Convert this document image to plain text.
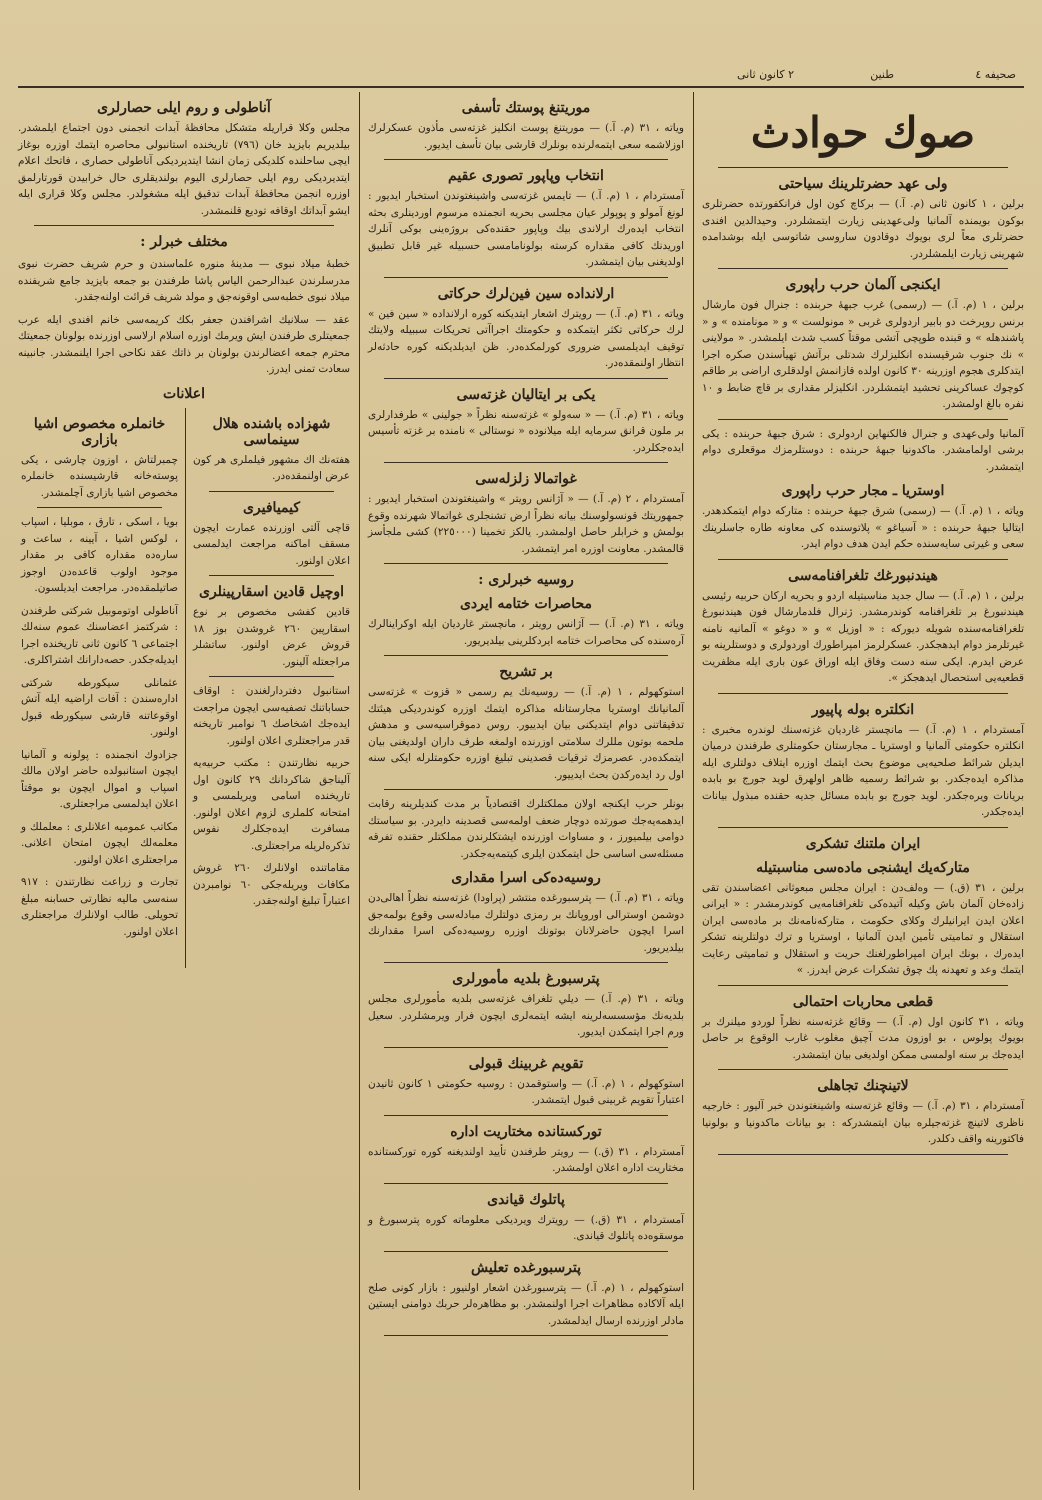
صحيفه ٤
طنين
٢ كانون ثانى
صوك حوادث
ولى عهد حضرتلرينك سياحتى
برلين ، ١ كانون ثانى (م. آ.) — بركاچ كون اول فرانكفورتده حضرتلرى بوكون بو‌يمنده آلمانيا ولى‌عهدينى زيارت ايتمشلردر. وحيد‌الدين افندى حضرتلرى معاً لرى بويوك دوقادون ساروسى شاتوسى ايله بوشدامده شهرينى زيارت ايلمشلردر.
ايكنجى آلمان حرب راپورى
برلين ، ١ (م. آ.) — (رسمى) غرب جبهۀ حربنده : جنرال فون مارشال برنس روپرخت دو بابير اردولرى غربى « مونولست » و « مونامنده » و « پاشندهله » و قبنده طوپچى آتشى موقتاً كسب شدت ايلمشدر. « مولاينى » نك جنوب شرقيسنده انكليزلرك شدتلى برآتش تهيأسندن صكره اجرا ايتدكلرى هجوم اوزرينه ٣٠ كانون اولده قازانمش اولدقلرى اراضى بر طاقم كوچوك عساكرينى تحشيد ايتمشلردر. انكليزلر مقدارى بر قاچ ضابط و ١٠ نفره بالغ اولمشدر.
آلمانيا ولى‌عهدى و جنرال فالكنهاين اردولرى : شرق جبهۀ حربنده : يكى برشى اولمامشدر. ماكدونيا جبهۀ حربنده : دوستلرمزك موقعلرى دوام ايتمشدر.
اوستريا ـ مجار حرب راپورى
وياته ، ١ (م. آ.) — (رسمى) شرق جبهۀ حربنده : متاركه دوام ايتمكدهدر. ايتاليا جبهۀ حربنده : « آسياغو » پلاتوسنده كى معاونه طاره جاسلرينك سعى و غيرتى سايه‌سنده حكم ايدن هدف دوام ايدر.
هيندنبورغك تلغرافنامه‌سى
برلين ، ١ (م. آ.) — سال جديد مناسبتيله اردو و بحريه اركان حربيه رئيسى هيندنبورغ بر تلغرافنامه كوندرمشدر. ژنرال فلدمارشال فون هيندنبورغ تلغرافنامه‌سنده شويله ديوركه : « اوزيل » و « دوغو » آلمانيه نامنه غيرتلرمز دوام ايدهجكدر. عسكرلرمز امپراطورك اوردولرى و دوستلرينه بو عرض ايدرم. ايكى سنه دست وفاق ايله اوراق عون بارى ايله مظفريت قطعيه‌يى استحصال ايدهجكز ».
انكلتره بوله پاپيور
آمستردام ، ١ (م. آ.) — مانچستر غارديان غزته‌سنك لوندره مخبرى : انكلتره حكومتى آلمانيا و اوستريا ـ مجارستان حكومتلرى طرفندن درميان ايديلن شرائط صلحيه‌يى موضوع بحث ايتمك اوزره ايتلاف دولتلرى ايله مذاكره ايده‌جكدر. بو شرائط رسميه ظاهر اولهرق لويد جورج بو بابده بريانات ويره‌جكدر. لويد جورج بو بابده مسائل جديه حقنده مبذول بيانات ايده‌جكدر.
ايران ملتنك تشكرى
متاركه‌يك ايشنجى ماده‌سى مناسبتيله
برلين ، ٣١ (ق.) — وه‌لف‌دن : ايران مجلس مبعوثانى اعضاسندن تقى زاده‌خان آلمان باش وكيله آتيده‌كى تلغرافنامه‌يى كوندرمشدر : « ايرانى اعلان ايدن ايرانيلرك وكلاى حكومت ، متاركه‌نامه‌نك بر ماده‌سى ايران استقلال و تماميتى تأمين ايدن آلمانيا ، اوستريا و ترك دولتلرينه تشكر ايده‌رك ، بونك ايران امپراطورلغنك حريت و استقلال و تماميتى رعايت ايتمك وعد و تعهدنه پك چوق تشكرات عرض ايدرز. »
قطعى محاربات احتمالى
وياته ، ٣١ كانون اول (م. آ.) — وقائع غزته‌سنه نظراً لوردو ميلنرك بر بويوك پولوس ، بو اوزون مدت آچيق مغلوب غارب الوقوع بر حاصل ايده‌جك بر سنه اولمسى ممكن اولديغى بيان ايتمشدر.
لاتينچنك تجاهلى
آمستردام ، ٣١ (م. آ.) — وقائع غزته‌سنه واشينغتوندن خبر آليور : خارجيه ناظرى لاتينچ غزته‌جيلره بيان ايتمشدركه : بو بيانات ماكدونيا و بولونيا فاكتورينه واقف دكلدر.
موريتنغ پوستك تأسفى
وياته ، ٣١ (م. آ.) — موريتنغ پوست انكليز غزته‌سى مأذون عسكرلرك اوزلاشمه سعى ايتمه‌لرنده بونلرك قارشى بيان تأسف ايديور.
انتخاب وپاپور تصورى عقيم
آمستردام ، ١ (م. آ.) — تايمس غزته‌سى واشينغتوندن استخبار ايديور : لونغ آمولو و پوپولر عيان مجلسى بحريه انجمنده مرسوم اوردينلرى بحثه انتخاب ايده‌رك ارلاندى بيك وپاپور حقنده‌كى بروژه‌ينى بوكى آنلرك اوريدنك كافى مقداره كرسته بولونامامسى حسبيله غير قابل تطبيق اولديغنى بيان ايتمشدر.
ارلانداده سين فين‌لرك حركاتى
وياته ، ٣١ (م. آ.) — رويترك اشعار ايتديكنه كوره ارلانداده « سين فين » لرك حركاتى تكثر ايتمكده و حكومتك اجراآتى تحريكات سببيله ولايتك توقيف ايديلمسى ضرورى كورلمكده‌در. ظن ايديلديكنه كوره حادثه‌لر انتظار اولنمقده‌در.
يكى بر ايتاليان غزته‌سى
وياته ، ٣١ (م. آ.) — « سه‌ولو » غزته‌سنه نظراً « جولينى » طرفدارلرى بر ملون قرانق سرمايه ايله ميلانوده « نوستالى » نامنده بر غزته تأسيس ايده‌جكلردر.
غواتمالا زلزله‌سى
آمستردام ، ٢ (م. آ.) — « آژانس رويتر » واشينغتوندن استخبار ايديور : جمهوريتك قونسولوسنك بيانه نظراً ارض تشنجلرى غواتمالا شهرنده وقوع بولمش و خرابلر حاصل اولمشدر. يالكز تخمينا (٢٢٥٠٠٠) كشى ملجأسز قالمشدر. معاونت اوزره امر ايتمشدر.
روسيه خبرلرى :
محاصرات ختامه ايردى
وياته ، ٣١ (م. آ.) — آژانس رويتر ، مانچستر غارديان ايله اوكراينالرك آرەسنده كى محاصرات ختامه ايردكلرينى بيلديريور.
بر تشريح
استوكهولم ، ١ (م. آ.) — روسيه‌نك يم رسمى « قزوت » غزته‌سى آلمانيانك اوستريا مجارستانله مذاكره ايتمك اوزره كوندرديكى هيئتك تدقيقاتنى دوام ايتديكنى بيان ايدييور. روس دموقراسيه‌سى و مدهش ملحمه بوتون مللرك سلامتى اوزرنده اولمغه طرف داران اولديغنى بيان ايتمكده‌در. عصرمزك ترقيات قصدينى تبليغ اوزره حكومتلرله ايكى سنه اول رد ايده‌ركدن بحث ايدييور.
بونلر حرب ايكنجه اولان مملكتلرك اقتصادياً بر مدت كنديلرينه رقابت ايدهمه‌يه‌جك صورتده دوچار ضعف اولمه‌سى قصدينه دايردر. بو سياستك دوامى بيلميورز ، و مساوات اوزرنده ايشتكلرندن مملكتلر حقنده تفرقه مسئله‌سى اساسى حل ايتمكدن ايلرى كيتمه‌يه‌جكدر.
روسيه‌ده‌كى اسرا مقدارى
وياته ، ٣١ (م. آ.) — پترسبورغده منتشر (پراودا) غزته‌سنه نظراً اهالى‌دن دوشمن اوسترالى اوروپانك بر رمزى دولتلرك مبادله‌سى وقوع بولمه‌جق اسرا ايچون حاضرلانان بوتونك اوزره روسيه‌ده‌كى اسرا مقدارنك بيلديريور.
پترسبورغ بلديه مأمورلرى
وياته ، ٣١ (م. آ.) — ديلي تلغراف غزته‌سى بلديه مأمورلرى مجلس بلديه‌نك مؤسسسه‌لرينه ايشه ايتمه‌لرى ايچون فرار ويرمشلردر. سعيل ورم اجرا ايتمكدن ايديور.
تقويم غربينك قبولى
استوكهولم ، ١ (م. آ.) — واستوقمدن : روسيه حكومتى ١ كانون ثانيدن اعتباراً تقويم غربينى قبول ايتمشدر.
توركستانده مختاريت اداره
آمستردام ، ٣١ (ق.) — رويتر طرفندن تأييد اولنديغنه كوره توركستانده مختاريت اداره اعلان اولمشدر.
پاتلوك قياندى
آمستردام ، ٣١ (ق.) — رويترك ويرديكى معلوماته كوره پترسبورغ و موسقوه‌ده پاتلوك قياندى.
پترسبورغده تعليش
استوكهولم ، ١ (م. آ.) — پترسبورغدن اشعار اولنيور : بازار كونى صلح ايله آلاكاده مظاهرات اجرا اولنمشدر. بو مظاهره‌لر حربك دوامنى ايستين مادلر اوزرنده ارسال ايدلمشدر.
آناطولى و روم ايلى حصارلرى
مجلس وكلا قراريله متشكل محافظۀ آبدات انجمنى دون اجتماع ايلمشدر. بيلديريم بايزيد خان (٧٩٦) تاريخنده استانبولى محاصره ايتمك اوزره بوغاز ايچى ساحلنده كلديكى زمان انشا ايتديرديكى آناطولى حصارى ، فاتحك اعلام ايتديرديكى روم ايلى حصارلرى اليوم بولنديقلرى حال خرابيدن قورتارلمق اوزره انجمن محافظۀ آبدات تدقيق ايله مشغولدر. مجلس وكلا قرارى ايله ايشو آبداتك اوقافه توديع قلنمشدر.
مختلف خبرلر :
خطبۀ ميلاد نبوى — مدينۀ منوره علماسندن و حرم شريف حضرت نبوى مدرسلرندن عبدالرحمن الياس پاشا طرفندن بو جمعه بايزيد جامع شريفنده ميلاد نبوى خطبه‌سى اوقونه‌جق و مولد شريف قرائت اولنه‌جقدر.
عقد — سلانيك اشرافندن جعفر بكك كريمه‌سى خانم افندى ايله عرب جمعيتلرى طرفندن ايش ويرمك اوزره اسلام ارلاسى اوزرنده بولونان جمعيتك محترم جمعه اعضالرندن بولونان بر ذاتك عقد نكاحى اجرا ايلنمشدر. جانبينه سعادت تمنى ايدرز.
اعلانات
شهزاده باشنده هلال سينماسى
هفته‌نك اك مشهور فيلملرى هر كون عرض اولنمقده‌در.
كيميافيرى
قاچى آلتى اوزرنده عمارت ايچون مسقف اماكنه مراجعت ايدلمسى اعلان اولنور.
اوچيل قادين اسقارپينلرى
قادين كفشى مخصوص بر نوع اسقارپين ٢٦٠ غروشدن بوز ١٨ قروش عرض اولنور. ساتشلر مراجعتله آلينور.
استانبول دفتردارلغندن : اوقاف حساباتنك تصفيه‌سى ايچون مراجعت ايده‌جك اشخاصك ٦ نوامبر تاريخنه قدر مراجعتلرى اعلان اولنور.
حربيه نظارتندن : مكتب حربيه‌يه آليناجق شاكردانك ٢٩ كانون اول تاريخنده اسامى ويريلمسى و امتحانه كلملرى لزوم اعلان اولنور. مسافرت ايده‌جكلرك نفوس تذكره‌لريله مراجعتلرى.
مقاماتنده اولانلرك ٢٦٠ غروش مكافات ويريله‌جكى ٦٠ نوامبردن اعتباراً تبليغ اولنه‌جقدر.
خانملره مخصوص اشيا بازارى
چمبرلتاش ، اوزون چارشى ، يكى پوسته‌خانه قارشيسنده خانملره مخصوص اشيا بازارى آچلمشدر.
بويا ، اسكى ، تارق ، موبليا ، اسپاب ، لوكس اشيا ، آيينه ، ساعت و ساره‌ده مقداره كافى بر مقدار موجود اولوب قاعده‌دن اوجوز صاتيلمقده‌در. مراجعت ايديلسون.
آناطولى اوتوموبيل شركتى طرفندن : شركتمز اعضاسنك عموم سنه‌لك اجتماعى ٦ كانون ثانى تاريخنده اجرا ايديله‌جكدر. حصه‌دارانك اشتراكلرى.
عثمانلى سيكورطه شركتى اداره‌سندن : آفات اراضيه ايله آتش اوقوعاتنه قارشى سيكورطه قبول اولنور.
جزادوك انجمنده : پولونه و آلمانيا ايچون استانبولده حاضر اولان مالك اسپاب و اموال ايچون بو موقتاً اعلان ايدلمسى مراجعتلرى.
مكاتب عموميه اعلانلرى : معلملك و معلمه‌لك ايچون امتحان اعلانى. مراجعتلرى اعلان اولنور.
تجارت و زراعت نظارتندن : ٩١٧ سنه‌سى ماليه نظارتى حسابنه مبلغ تحويلى. طالب اولانلرك مراجعتلرى اعلان اولنور.
